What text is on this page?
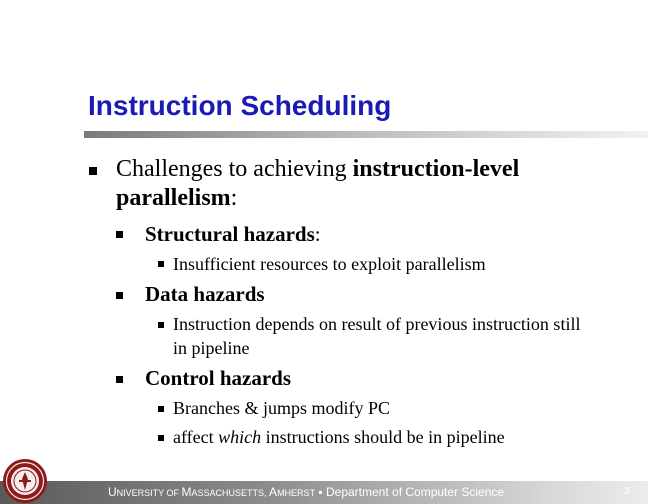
Instruction Scheduling
Challenges to achieving instruction-level
parallelism:
Structural hazards:
Insufficient resources to exploit parallelism
Data hazards
Instruction depends on result of previous instruction still
in pipeline
Control hazards
Branches & jumps modify PC
affect which instructions should be in pipeline
UNIVERSITY OF MASSACHUSETTS, AMHERST ▪ Department of Computer Science	3
